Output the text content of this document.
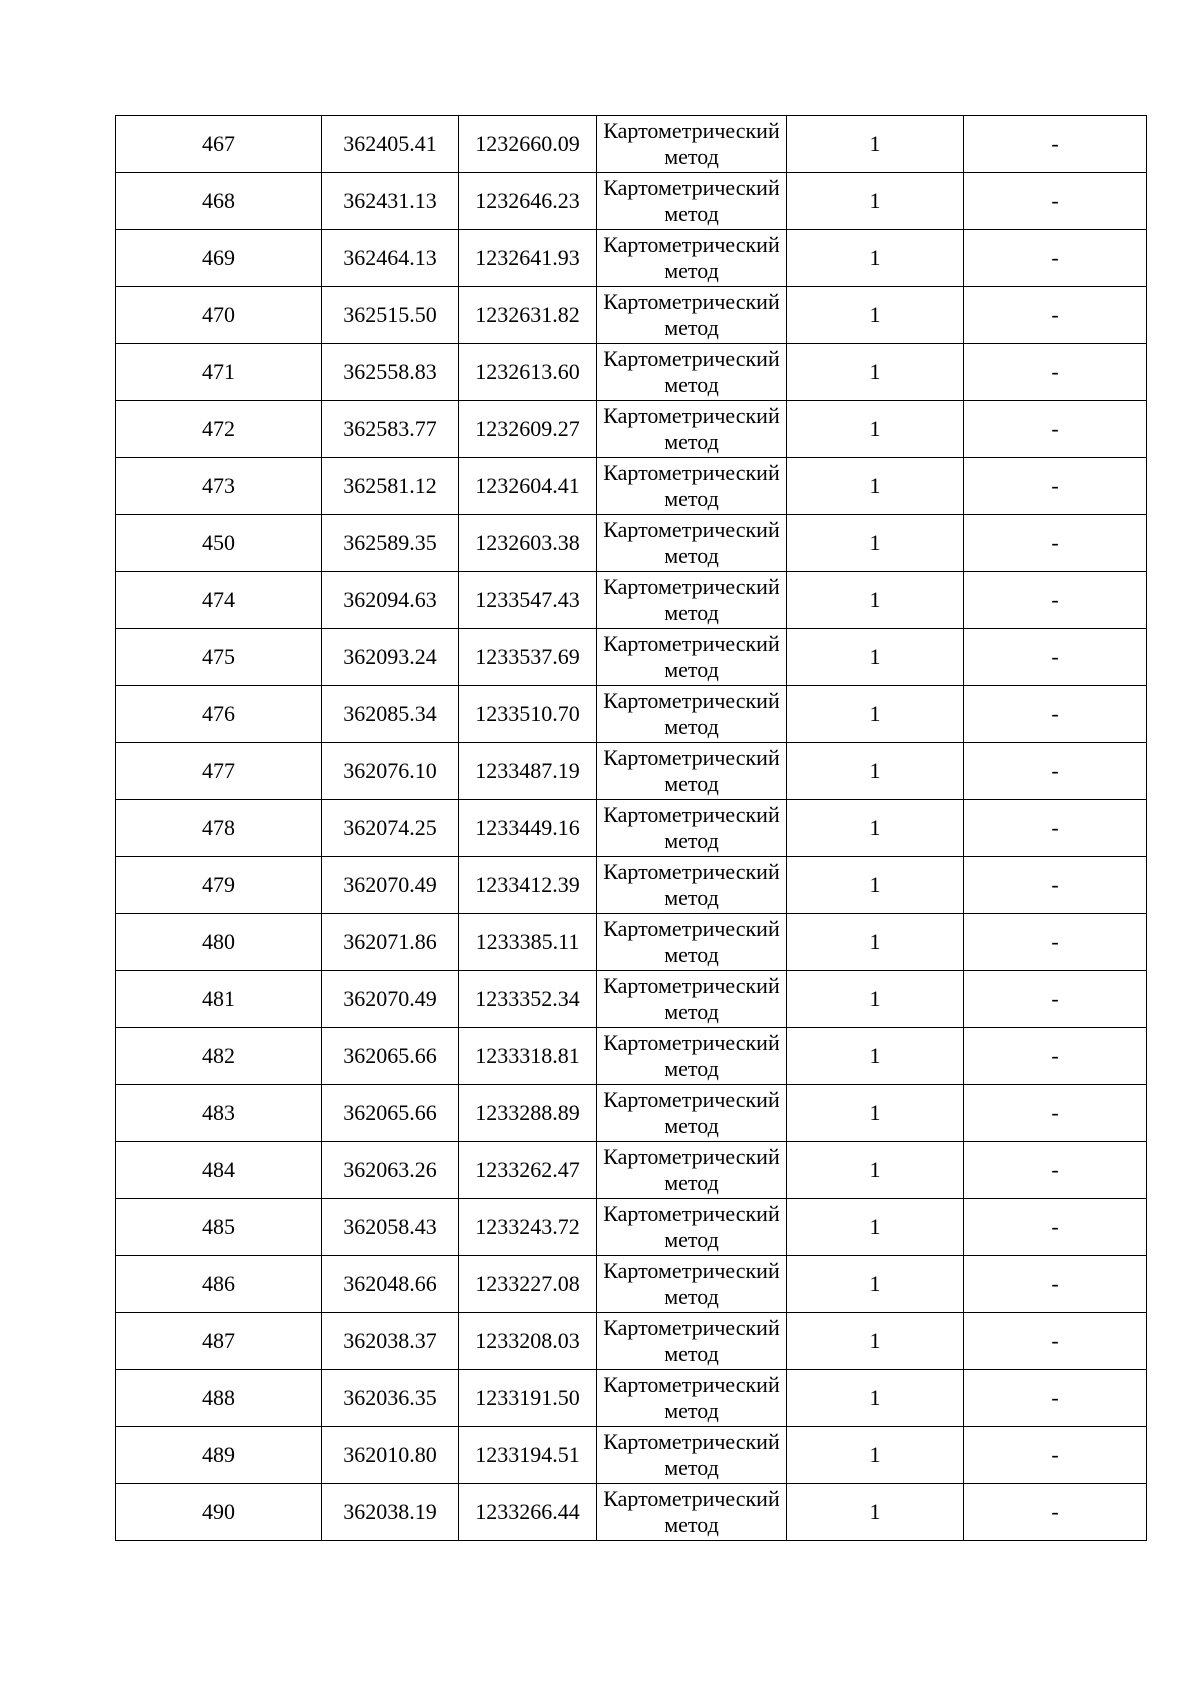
467	362405.41	1232660.09	Картометрический метод	1	-
468	362431.13	1232646.23	Картометрический метод	1	-
469	362464.13	1232641.93	Картометрический метод	1	-
470	362515.50	1232631.82	Картометрический метод	1	-
471	362558.83	1232613.60	Картометрический метод	1	-
472	362583.77	1232609.27	Картометрический метод	1	-
473	362581.12	1232604.41	Картометрический метод	1	-
450	362589.35	1232603.38	Картометрический метод	1	-
474	362094.63	1233547.43	Картометрический метод	1	-
475	362093.24	1233537.69	Картометрический метод	1	-
476	362085.34	1233510.70	Картометрический метод	1	-
477	362076.10	1233487.19	Картометрический метод	1	-
478	362074.25	1233449.16	Картометрический метод	1	-
479	362070.49	1233412.39	Картометрический метод	1	-
480	362071.86	1233385.11	Картометрический метод	1	-
481	362070.49	1233352.34	Картометрический метод	1	-
482	362065.66	1233318.81	Картометрический метод	1	-
483	362065.66	1233288.89	Картометрический метод	1	-
484	362063.26	1233262.47	Картометрический метод	1	-
485	362058.43	1233243.72	Картометрический метод	1	-
486	362048.66	1233227.08	Картометрический метод	1	-
487	362038.37	1233208.03	Картометрический метод	1	-
488	362036.35	1233191.50	Картометрический метод	1	-
489	362010.80	1233194.51	Картометрический метод	1	-
490	362038.19	1233266.44	Картометрический метод	1	-
